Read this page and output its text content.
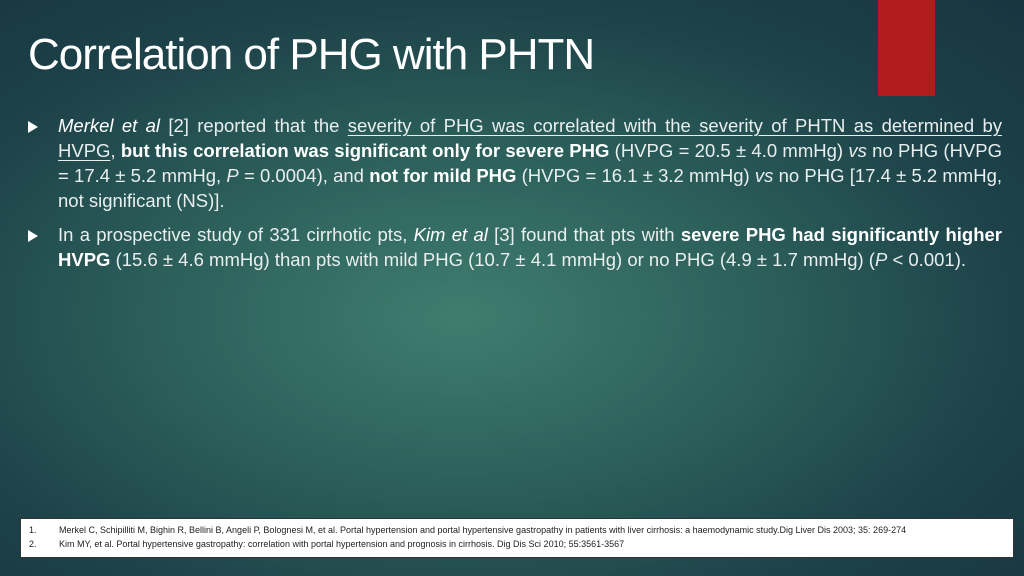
Correlation of PHG with PHTN
Merkel et al [2] reported that the severity of PHG was correlated with the severity of PHTN as determined by HVPG, but this correlation was significant only for severe PHG (HVPG = 20.5 ± 4.0 mmHg) vs no PHG (HVPG = 17.4 ± 5.2 mmHg, P = 0.0004), and not for mild PHG (HVPG = 16.1 ± 3.2 mmHg) vs no PHG [17.4 ± 5.2 mmHg, not significant (NS)].
In a prospective study of 331 cirrhotic pts, Kim et al [3] found that pts with severe PHG had significantly higher HVPG (15.6 ± 4.6 mmHg) than pts with mild PHG (10.7 ± 4.1 mmHg) or no PHG (4.9 ± 1.7 mmHg) (P < 0.001).
1.	Merkel C, Schipilliti M, Bighin R, Bellini B, Angeli P, Bolognesi M, et al. Portal hypertension and portal hypertensive gastropathy in patients with liver cirrhosis: a haemodynamic study.Dig Liver Dis 2003; 35: 269-274
2.	Kim MY, et al. Portal hypertensive gastropathy: correlation with portal hypertension and prognosis in cirrhosis. Dig Dis Sci 2010; 55:3561-3567
